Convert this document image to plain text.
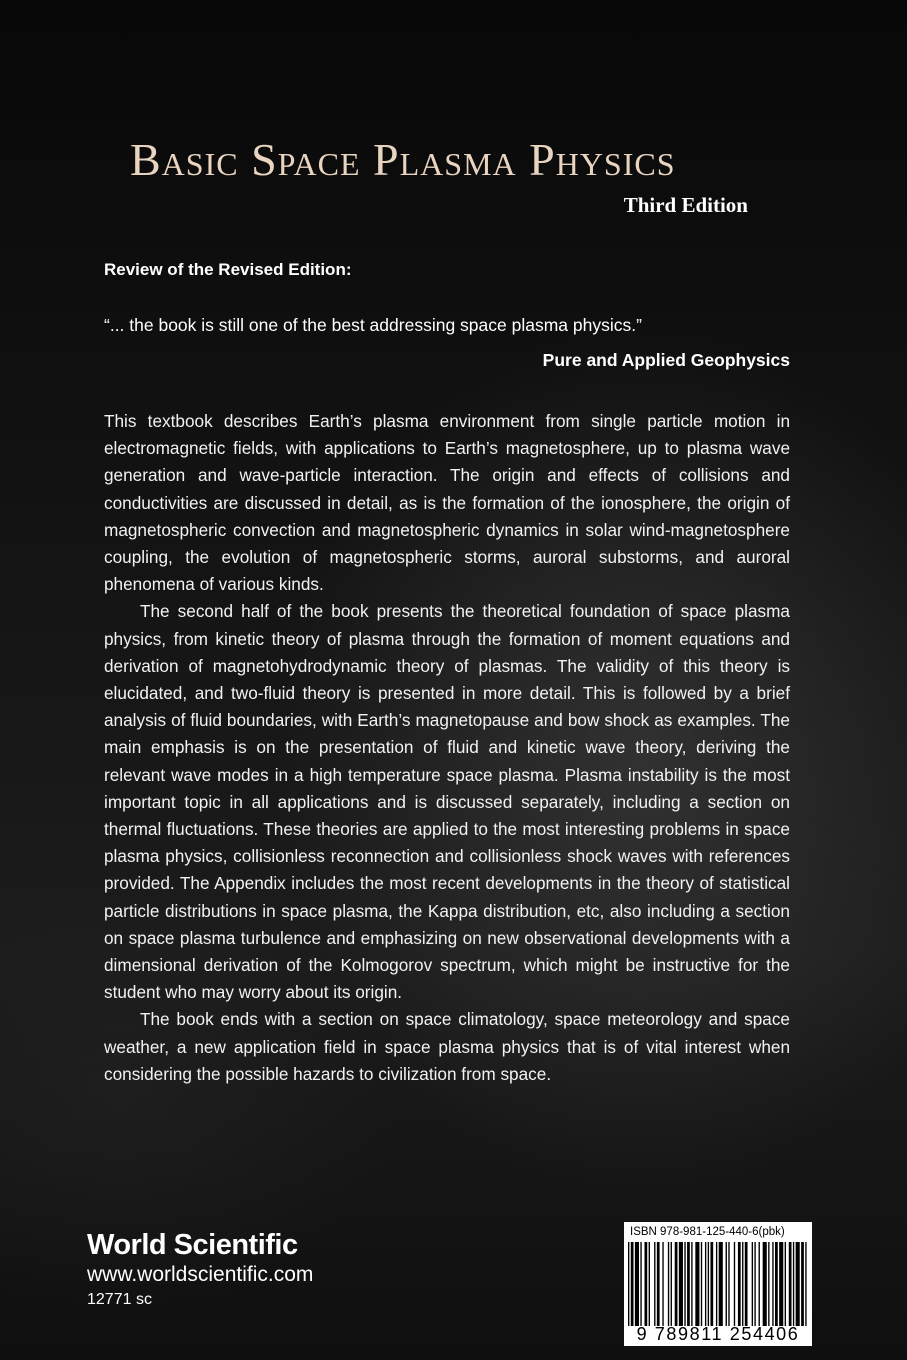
Basic Space Plasma Physics
Third Edition
Review of the Revised Edition:
“... the book is still one of the best addressing space plasma physics.”
Pure and Applied Geophysics

This textbook describes Earth’s plasma environment from single particle motion in electromagnetic fields, with applications to Earth’s magnetosphere, up to plasma wave generation and wave-particle interaction. The origin and effects of collisions and conductivities are discussed in detail, as is the formation of the ionosphere, the origin of magnetospheric convection and magnetospheric dynamics in solar wind-magnetosphere coupling, the evolution of magnetospheric storms, auroral substorms, and auroral phenomena of various kinds.

The second half of the book presents the theoretical foundation of space plasma physics, from kinetic theory of plasma through the formation of moment equations and derivation of magnetohydrodynamic theory of plasmas. The validity of this theory is elucidated, and two-fluid theory is presented in more detail. This is followed by a brief analysis of fluid boundaries, with Earth’s magnetopause and bow shock as examples. The main emphasis is on the presentation of fluid and kinetic wave theory, deriving the relevant wave modes in a high temperature space plasma. Plasma instability is the most important topic in all applications and is discussed separately, including a section on thermal fluctuations. These theories are applied to the most interesting problems in space plasma physics, collisionless reconnection and collisionless shock waves with references provided. The Appendix includes the most recent developments in the theory of statistical particle distributions in space plasma, the Kappa distribution, etc, also including a section on space plasma turbulence and emphasizing on new observational developments with a dimensional derivation of the Kolmogorov spectrum, which might be instructive for the student who may worry about its origin.

The book ends with a section on space climatology, space meteorology and space weather, a new application field in space plasma physics that is of vital interest when considering the possible hazards to civilization from space.

World Scientific
www.worldscientific.com
12771 sc
ISBN 978-981-125-440-6(pbk)
9 789811 254406
